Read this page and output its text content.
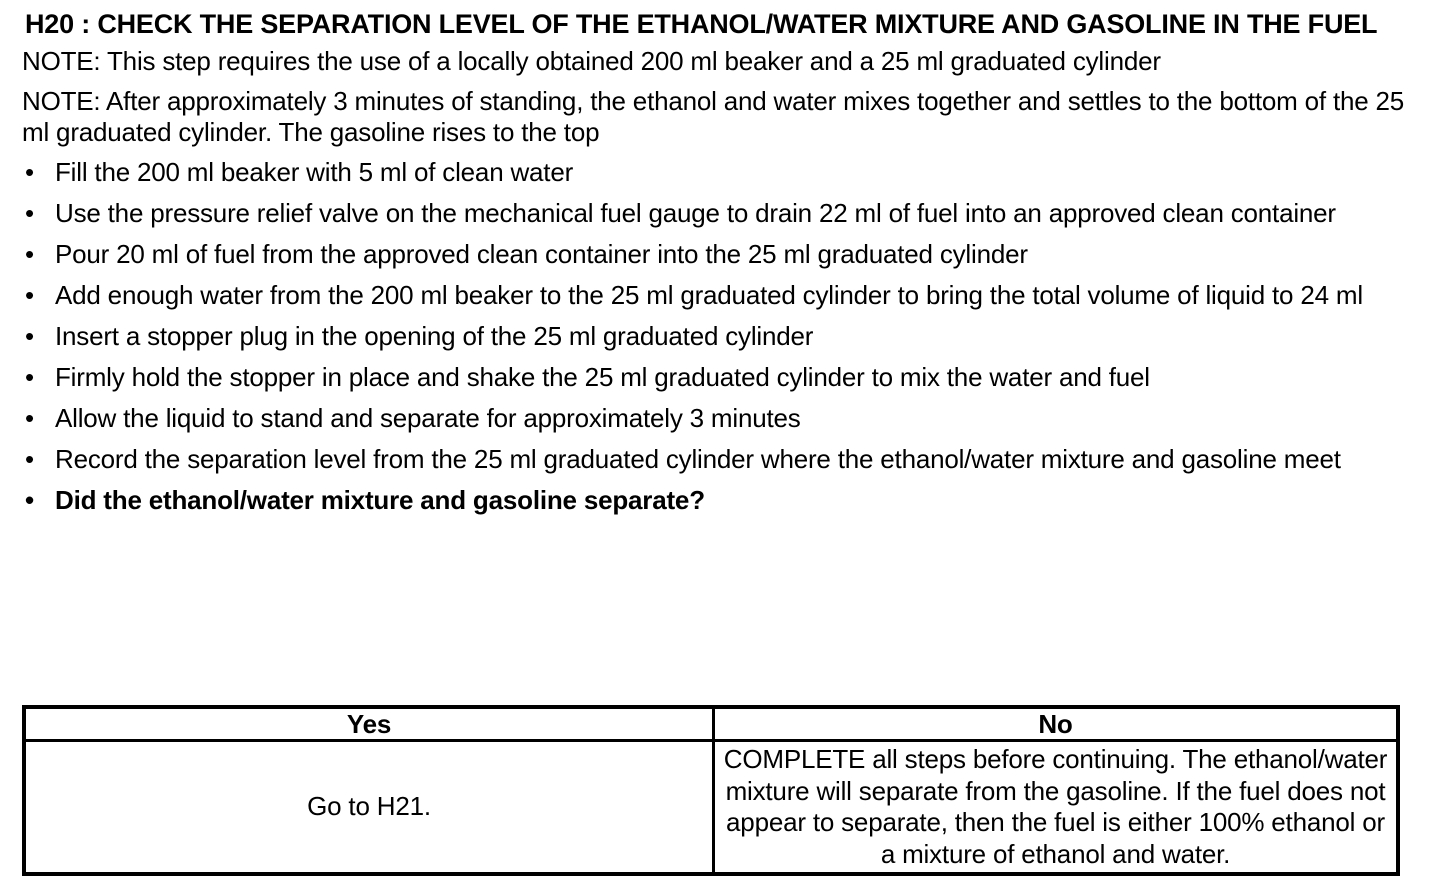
H20 : CHECK THE SEPARATION LEVEL OF THE ETHANOL/WATER MIXTURE AND GASOLINE IN THE FUEL
NOTE: This step requires the use of a locally obtained 200 ml beaker and a 25 ml graduated cylinder
NOTE: After approximately 3 minutes of standing, the ethanol and water mixes together and settles to the bottom of the 25 ml graduated cylinder. The gasoline rises to the top
• Fill the 200 ml beaker with 5 ml of clean water
• Use the pressure relief valve on the mechanical fuel gauge to drain 22 ml of fuel into an approved clean container
• Pour 20 ml of fuel from the approved clean container into the 25 ml graduated cylinder
• Add enough water from the 200 ml beaker to the 25 ml graduated cylinder to bring the total volume of liquid to 24 ml
• Insert a stopper plug in the opening of the 25 ml graduated cylinder
• Firmly hold the stopper in place and shake the 25 ml graduated cylinder to mix the water and fuel
• Allow the liquid to stand and separate for approximately 3 minutes
• Record the separation level from the 25 ml graduated cylinder where the ethanol/water mixture and gasoline meet
• Did the ethanol/water mixture and gasoline separate?
Yes	No
Go to H21.	COMPLETE all steps before continuing. The ethanol/water mixture will separate from the gasoline. If the fuel does not appear to separate, then the fuel is either 100% ethanol or a mixture of ethanol and water.
